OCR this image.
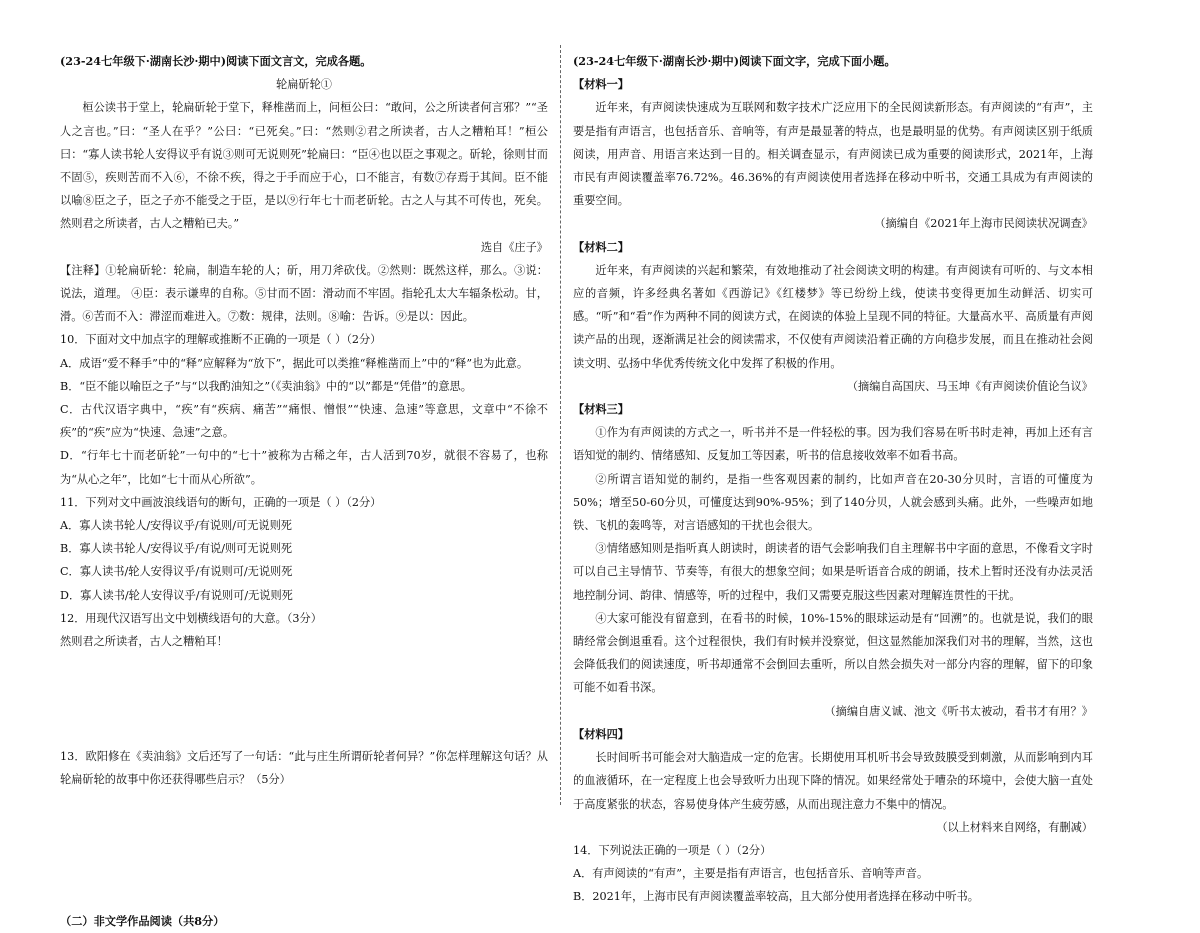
(23-24七年级下·湖南长沙·期中)阅读下面文言文，完成各题。

轮扁斫轮①

桓公读书于堂上，轮扁斫轮于堂下，释椎凿而上，问桓公曰：“敢问，公之所读者何言邪？”“圣人之言也。”曰：“圣人在乎？”公曰：“已死矣。”曰：“然则②君之所读者，古人之糟粕耳！”桓公曰：“寡人读书轮人安得议乎有说③则可无说则死”轮扁曰：“臣④也以臣之事观之。斫轮，徐则甘而不固⑤，疾则苦而不入⑥，不徐不疾，得之于手而应于心，口不能言，有数⑦存焉于其间。臣不能以喻⑧臣之子，臣之子亦不能受之于臣，是以⑨行年七十而老斫轮。古之人与其不可传也，死矣。然则君之所读者，古人之糟粕已夫。”

选自《庄子》

【注释】①轮扁斫轮：轮扁，制造车轮的人；斫，用刀斧砍伐。②然则：既然这样，那么。③说：说法，道理。 ④臣：表示谦卑的自称。⑤甘而不固：滑动而不牢固。指轮孔太大车辐条松动。甘，滑。⑥苦而不入：滞涩而难进入。⑦数：规律，法则。⑧喻：告诉。⑨是以：因此。

10．下面对文中加点字的理解或推断不正确的一项是（ ）（2分）

A．成语“爱不释手”中的“释”应解释为“放下”，据此可以类推“释椎凿而上”中的“释”也为此意。

B．“臣不能以喻臣之子”与“以我酌油知之”（《卖油翁》中的“以”都是“凭借”的意思。

C．古代汉语字典中，“疾”有“疾病、痛苦”“痛恨、憎恨”“快速、急速”等意思，文章中“不徐不疾”的“疾”应为“快速、急速”之意。

D．“行年七十而老斫轮”一句中的“七十”被称为古稀之年，古人活到70岁，就很不容易了，也称为“从心之年”，比如“七十而从心所欲”。

11．下列对文中画波浪线语句的断句，正确的一项是（ ）（2分）

A．寡人读书轮人/安得议乎/有说则/可无说则死

B．寡人读书轮人/安得议乎/有说/则可无说则死

C．寡人读书/轮人安得议乎/有说则可/无说则死

D．寡人读书/轮人安得议乎/有说则可/无说则死

12．用现代汉语写出文中划横线语句的大意。（3分）

然则君之所读者，古人之糟粕耳！

13．欧阳修在《卖油翁》文后还写了一句话：“此与庄生所谓斫轮者何异？”你怎样理解这句话？从轮扁斫轮的故事中你还获得哪些启示？（5分）

（二）非文学作品阅读（共8分）

(23-24七年级下·湖南长沙·期中)阅读下面文字，完成下面小题。

【材料一】

近年来，有声阅读快速成为互联网和数字技术广泛应用下的全民阅读新形态。有声阅读的“有声”，主要是指有声语言，也包括音乐、音响等，有声是最显著的特点，也是最明显的优势。有声阅读区别于纸质阅读，用声音、用语言来达到一目的。相关调查显示，有声阅读已成为重要的阅读形式，2021年，上海市民有声阅读覆盖率76.72%。46.36%的有声阅读使用者选择在移动中听书，交通工具成为有声阅读的重要空间。

（摘编自《2021年上海市民阅读状况调查》

【材料二】

近年来，有声阅读的兴起和繁荣，有效地推动了社会阅读文明的构建。有声阅读有可听的、与文本相应的音频，许多经典名著如《西游记》《红楼梦》等已纷纷上线，使读书变得更加生动鲜活、切实可感。“听”和“看”作为两种不同的阅读方式，在阅读的体验上呈现不同的特征。大量高水平、高质量有声阅读产品的出现，逐渐满足社会的阅读需求，不仅使有声阅读沿着正确的方向稳步发展，而且在推动社会阅读文明、弘扬中华优秀传统文化中发挥了积极的作用。

（摘编自高国庆、马玉坤《有声阅读价值论刍议》

【材料三】

①作为有声阅读的方式之一，听书并不是一件轻松的事。因为我们容易在听书时走神，再加上还有言语知觉的制约、情绪感知、反复加工等因素，听书的信息接收效率不如看书高。

②所谓言语知觉的制约，是指一些客观因素的制约，比如声音在20-30分贝时，言语的可懂度为50%；增至50-60分贝，可懂度达到90%-95%；到了140分贝，人就会感到头痛。此外，一些噪声如地铁、飞机的轰鸣等，对言语感知的干扰也会很大。

③情绪感知则是指听真人朗读时，朗读者的语气会影响我们自主理解书中字面的意思，不像看文字时可以自己主导情节、节奏等，有很大的想象空间；如果是听语音合成的朗诵，技术上暂时还没有办法灵活地控制分词、韵律、情感等，听的过程中，我们又需要克服这些因素对理解连贯性的干扰。

④大家可能没有留意到，在看书的时候，10%-15%的眼球运动是有“回溯”的。也就是说，我们的眼睛经常会倒退重看。这个过程很快，我们有时候并没察觉，但这显然能加深我们对书的理解，当然，这也会降低我们的阅读速度，听书却通常不会倒回去重听，所以自然会损失对一部分内容的理解，留下的印象可能不如看书深。

（摘编自唐义诚、池文《听书太被动，看书才有用？》

【材料四】

长时间听书可能会对大脑造成一定的危害。长期使用耳机听书会导致鼓膜受到刺激，从而影响到内耳的血液循环，在一定程度上也会导致听力出现下降的情况。如果经常处于嘈杂的环境中，会使大脑一直处于高度紧张的状态，容易使身体产生疲劳感，从而出现注意力不集中的情况。

（以上材料来自网络，有删减）

14．下列说法正确的一项是（ ）（2分）

A．有声阅读的“有声”，主要是指有声语言，也包括音乐、音响等声音。

B．2021年，上海市民有声阅读覆盖率较高，且大部分使用者选择在移动中听书。
